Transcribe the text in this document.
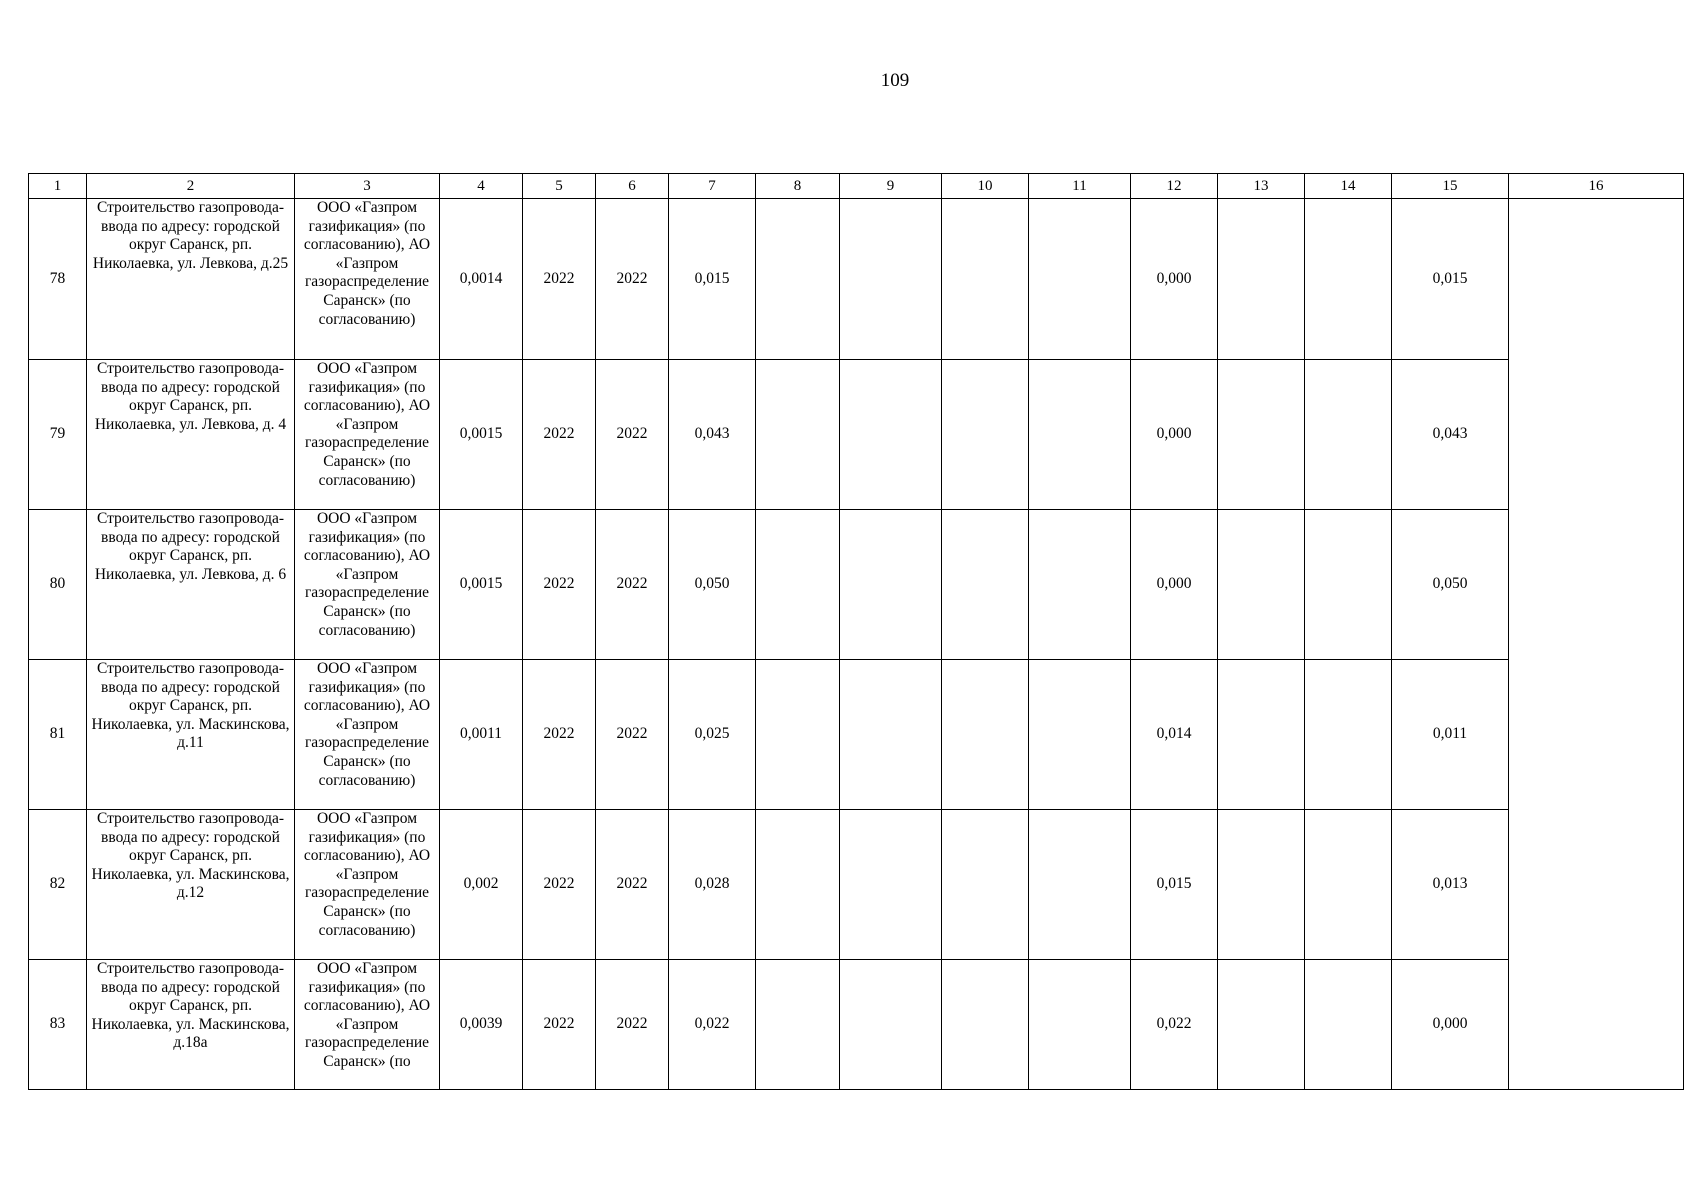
109
1	2	3	4	5	6	7	8	9	10	11	12	13	14	15	16
78	Строительство газопровода-ввода по адресу: городской округ Саранск, рп. Николаевка, ул. Левкова, д.25	ООО «Газпром газификация» (по согласованию), АО «Газпром газораспределение Саранск» (по согласованию)	0,0014	2022	2022	0,015					0,000			0,015	
79	Строительство газопровода-ввода по адресу: городской округ Саранск, рп. Николаевка, ул. Левкова, д. 4	ООО «Газпром газификация» (по согласованию), АО «Газпром газораспределение Саранск» (по согласованию)	0,0015	2022	2022	0,043					0,000			0,043	
80	Строительство газопровода-ввода по адресу: городской округ Саранск, рп. Николаевка, ул. Левкова, д. 6	ООО «Газпром газификация» (по согласованию), АО «Газпром газораспределение Саранск» (по согласованию)	0,0015	2022	2022	0,050					0,000			0,050	
81	Строительство газопровода-ввода по адресу: городской округ Саранск, рп. Николаевка, ул. Маскинскова, д.11	ООО «Газпром газификация» (по согласованию), АО «Газпром газораспределение Саранск» (по согласованию)	0,0011	2022	2022	0,025					0,014			0,011	
82	Строительство газопровода-ввода по адресу: городской округ Саранск, рп. Николаевка, ул. Маскинскова, д.12	ООО «Газпром газификация» (по согласованию), АО «Газпром газораспределение Саранск» (по согласованию)	0,002	2022	2022	0,028					0,015			0,013	
83	Строительство газопровода-ввода по адресу: городской округ Саранск, рп. Николаевка, ул. Маскинскова, д.18а	ООО «Газпром газификация» (по согласованию), АО «Газпром газораспределение Саранск» (по	0,0039	2022	2022	0,022					0,022			0,000	
